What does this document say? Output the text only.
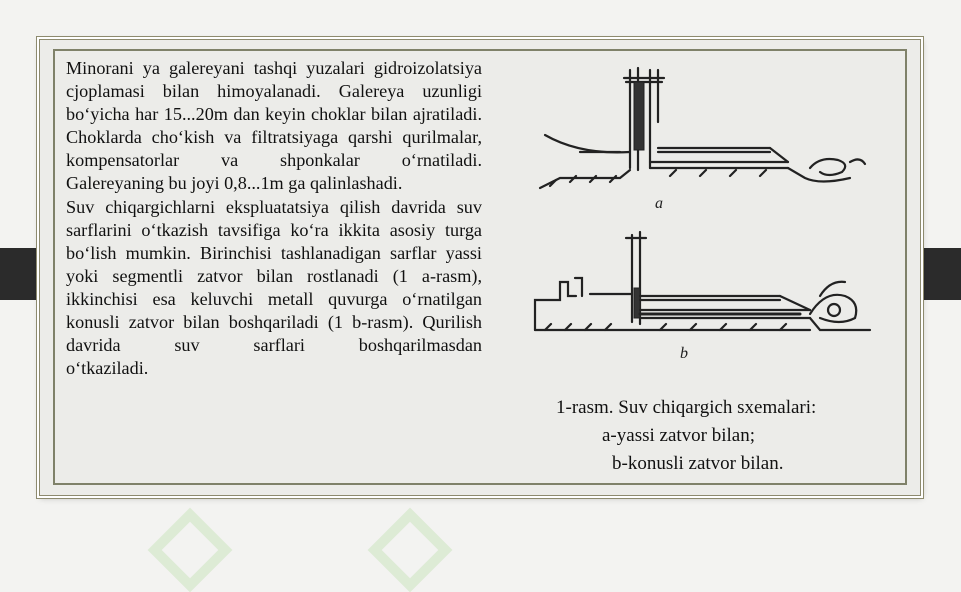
Minorani ya galereyani tashqi yuzalari gidroizolatsiya cjoplamasi bilan himoyalanadi. Galereya uzunligi bo‘yicha har 15...20m dan keyin choklar bilan ajratiladi. Choklarda cho‘kish va filtratsiyaga qarshi qurilmalar, kompensatorlar va shponkalar o‘rnatiladi.
Galereyaning bu joyi 0,8...1m ga qalinlashadi.
Suv chiqargichlarni ekspluatatsiya qilish davrida suv sarflarini o‘tkazish tavsifiga ko‘ra ikkita asosiy turga bo‘lish mumkin. Birinchisi tashlanadigan sarflar yassi yoki segmentli zatvor bilan rostlanadi (1 a-rasm), ikkinchisi esa keluvchi metall quvurga o‘rnatilgan konusli zatvor bilan boshqariladi (1 b-rasm). Qurilish davrida suv sarflari boshqarilmasdan
o‘tkaziladi.

a
b
1-rasm. Suv chiqargich sxemalari:
a-yassi zatvor bilan;
b-konusli zatvor bilan.
